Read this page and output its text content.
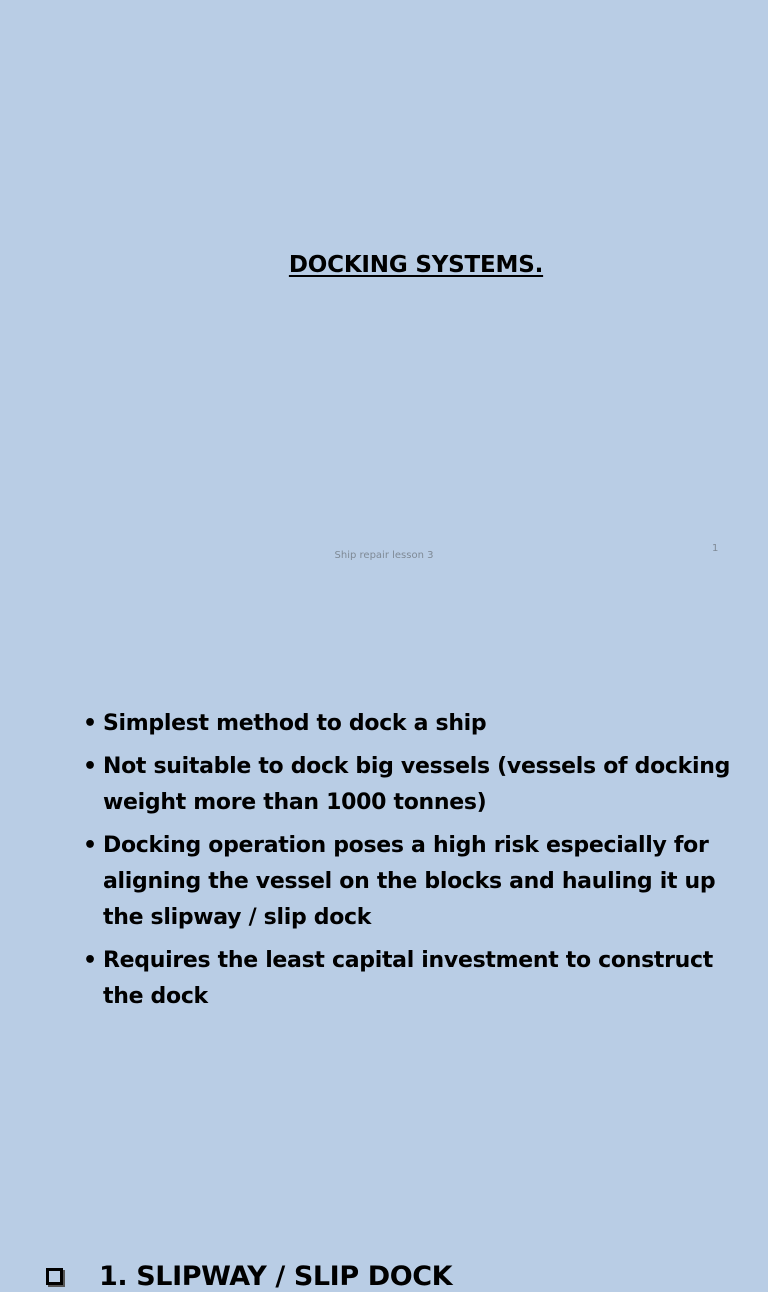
DOCKING SYSTEMS.
Ship repair lesson 3
1
1. SLIPWAY / SLIP DOCK
• Simplest method to dock a ship
• Not suitable to dock big vessels (vessels of docking weight more than 1000 tonnes)
• Docking operation poses a high risk especially for aligning the vessel on the blocks and hauling it up the slipway / slip dock
• Requires the least capital investment to construct the dock
